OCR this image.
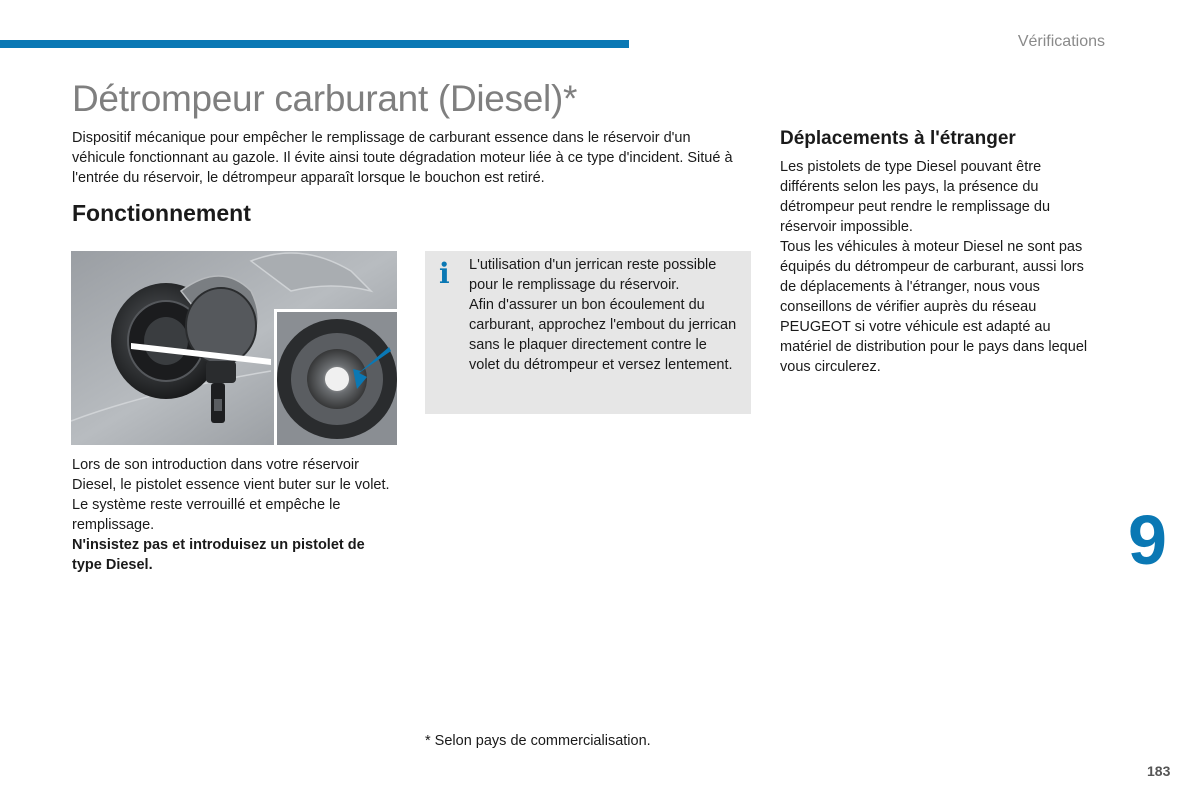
Vérifications
Détrompeur carburant (Diesel)*

Dispositif mécanique pour empêcher le remplissage de carburant essence dans le réservoir d'un véhicule fonctionnant au gazole. Il évite ainsi toute dégradation moteur liée à ce type d'incident. Situé à l'entrée du réservoir, le détrompeur apparaît lorsque le bouchon est retiré.

Fonctionnement
i L'utilisation d'un jerrican reste possible pour le remplissage du réservoir.
Afin d'assurer un bon écoulement du carburant, approchez l'embout du jerrican sans le plaquer directement contre le volet du détrompeur et versez lentement.

Lors de son introduction dans votre réservoir Diesel, le pistolet essence vient buter sur le volet. Le système reste verrouillé et empêche le remplissage.
N'insistez pas et introduisez un pistolet de type Diesel.

Déplacements à l'étranger

Les pistolets de type Diesel pouvant être différents selon les pays, la présence du détrompeur peut rendre le remplissage du réservoir impossible.
Tous les véhicules à moteur Diesel ne sont pas équipés du détrompeur de carburant, aussi lors de déplacements à l'étranger, nous vous conseillons de vérifier auprès du réseau PEUGEOT si votre véhicule est adapté au matériel de distribution pour le pays dans lequel vous circulerez.

9
* Selon pays de commercialisation.
183
